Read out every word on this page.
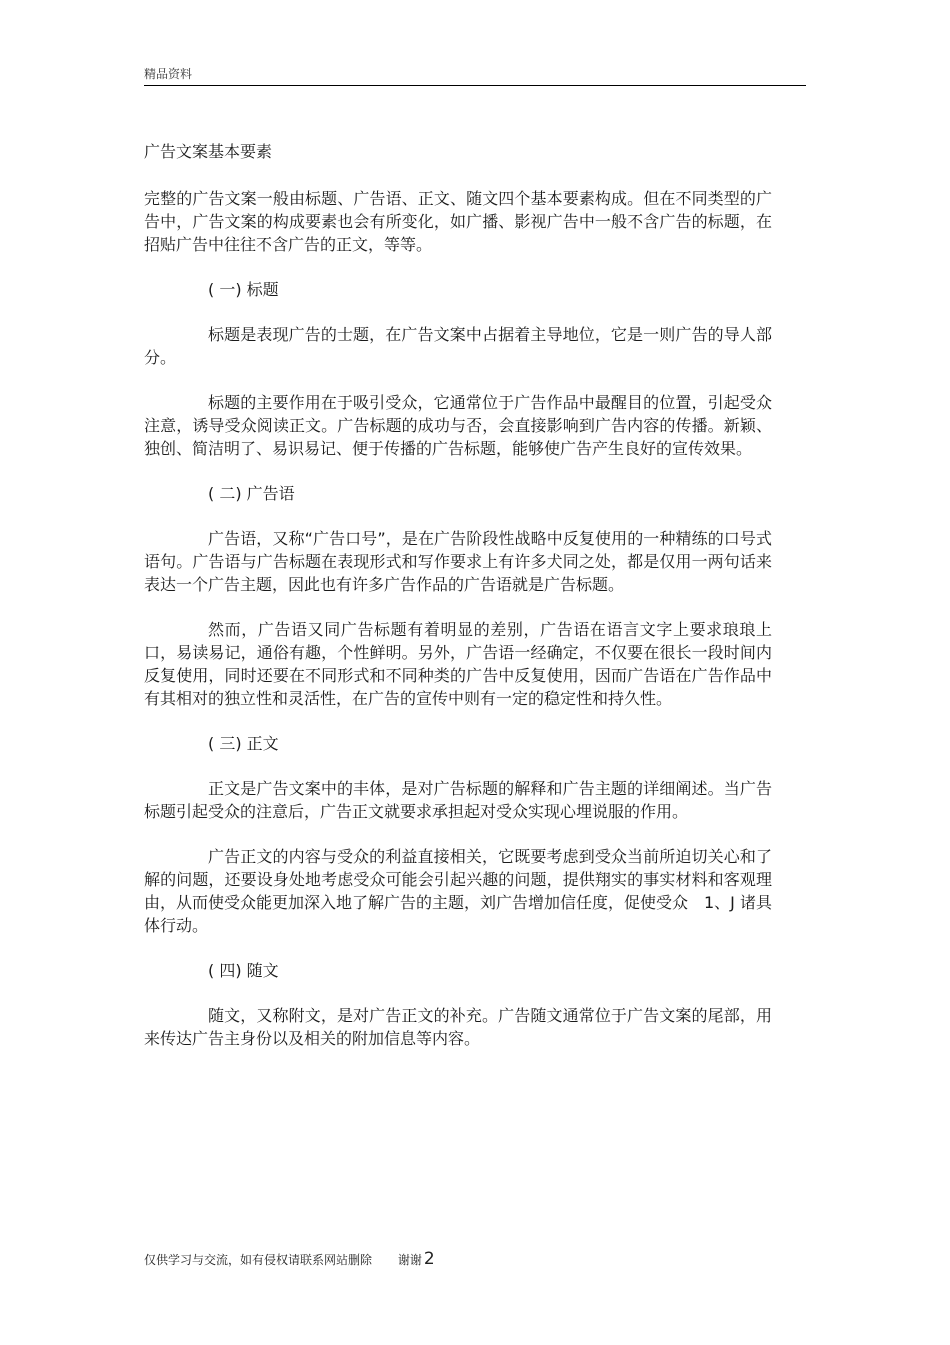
精品资料
广告文案基本要素

完整的广告文案一般由标题、广告语、正文、随文四个基本要素构成。但在不同类型的广告中，广告文案的构成要素也会有所变化，如广播、影视广告中一般不含广告的标题，在招贴广告中往往不含广告的正文，等等。

( 一) 标题

标题是表现广告的士题，在广告文案中占据着主导地位，它是一则广告的导人部分。

标题的主要作用在于吸引受众，它通常位于广告作品中最醒目的位置，引起受众注意，诱导受众阅读正文。广告标题的成功与否，会直接影响到广告内容的传播。新颖、独创、简洁明了、易识易记、便于传播的广告标题，能够使广告产生良好的宣传效果。

( 二) 广告语

广告语，又称“广告口号”，是在广告阶段性战略中反复使用的一种精练的口号式语句。广告语与广告标题在表现形式和写作要求上有许多犬同之处，都是仅用一两句话来表达一个广告主题，因此也有许多广告作品的广告语就是广告标题。

然而，广告语又同广告标题有着明显的差别，广告语在语言文字上要求琅琅上口，易读易记，通俗有趣，个性鲜明。另外，广告语一经确定，不仅要在很长一段时间内反复使用，同时还要在不同形式和不同种类的广告中反复使用，因而广告语在广告作品中有其相对的独立性和灵活性，在广告的宣传中则有一定的稳定性和持久性。

( 三) 正文

正文是广告文案中的丰体，是对广告标题的解释和广告主题的详细阐述。当广告标题引起受众的注意后，广告正文就要求承担起对受众实现心埋说服的作用。

广告正文的内容与受众的利益直接相关，它既要考虑到受众当前所迫切关心和了解的问题，还要设身处地考虑受众可能会引起兴趣的问题，提供翔实的事实材料和客观理由，从而使受众能更加深入地了解广告的主题，刘广告增加信任度，促使受众　1、J 诸具体行动。

( 四) 随文

随文，又称附文，是对广告正文的补充。广告随文通常位于广告文案的尾部，用来传达广告主身份以及相关的附加信息等内容。

仅供学习与交流，如有侵权请联系网站删除 谢谢 2
